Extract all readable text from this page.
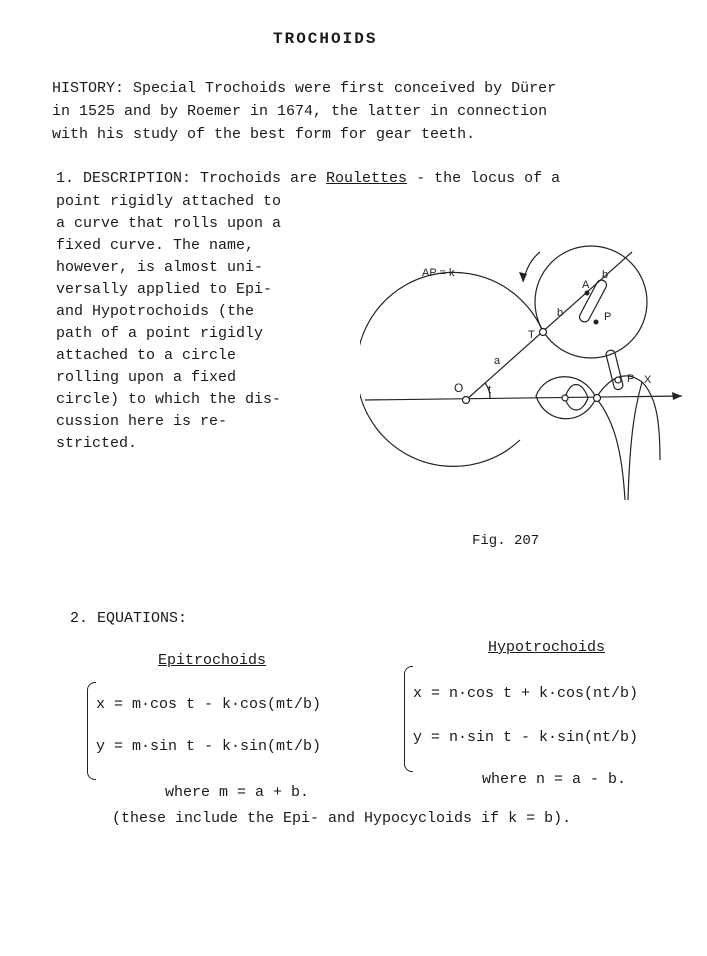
TROCHOIDS
HISTORY: Special Trochoids were first conceived by Dürer
in 1525 and by Roemer in 1674, the latter in connection
with his study of the best form for gear teeth.
1. DESCRIPTION: Trochoids are Roulettes - the locus of a
point rigidly attached to
a curve that rolls upon a
fixed curve. The name,
however, is almost uni-
versally applied to Epi-
and Hypotrochoids (the
path of a point rigidly
attached to a circle
rolling upon a fixed
circle) to which the dis-
cussion here is re-
stricted.
AP = k
O t
a
T
A
b
b	P
P X
Fig. 207
2. EQUATIONS:
Epitrochoids
x = m·cos t - k·cos(mt/b)
y = m·sin t - k·sin(mt/b)
where m = a + b.
Hypotrochoids
x = n·cos t + k·cos(nt/b)
y = n·sin t - k·sin(nt/b)
where n = a - b.
(these include the Epi- and Hypocycloids if k = b).
